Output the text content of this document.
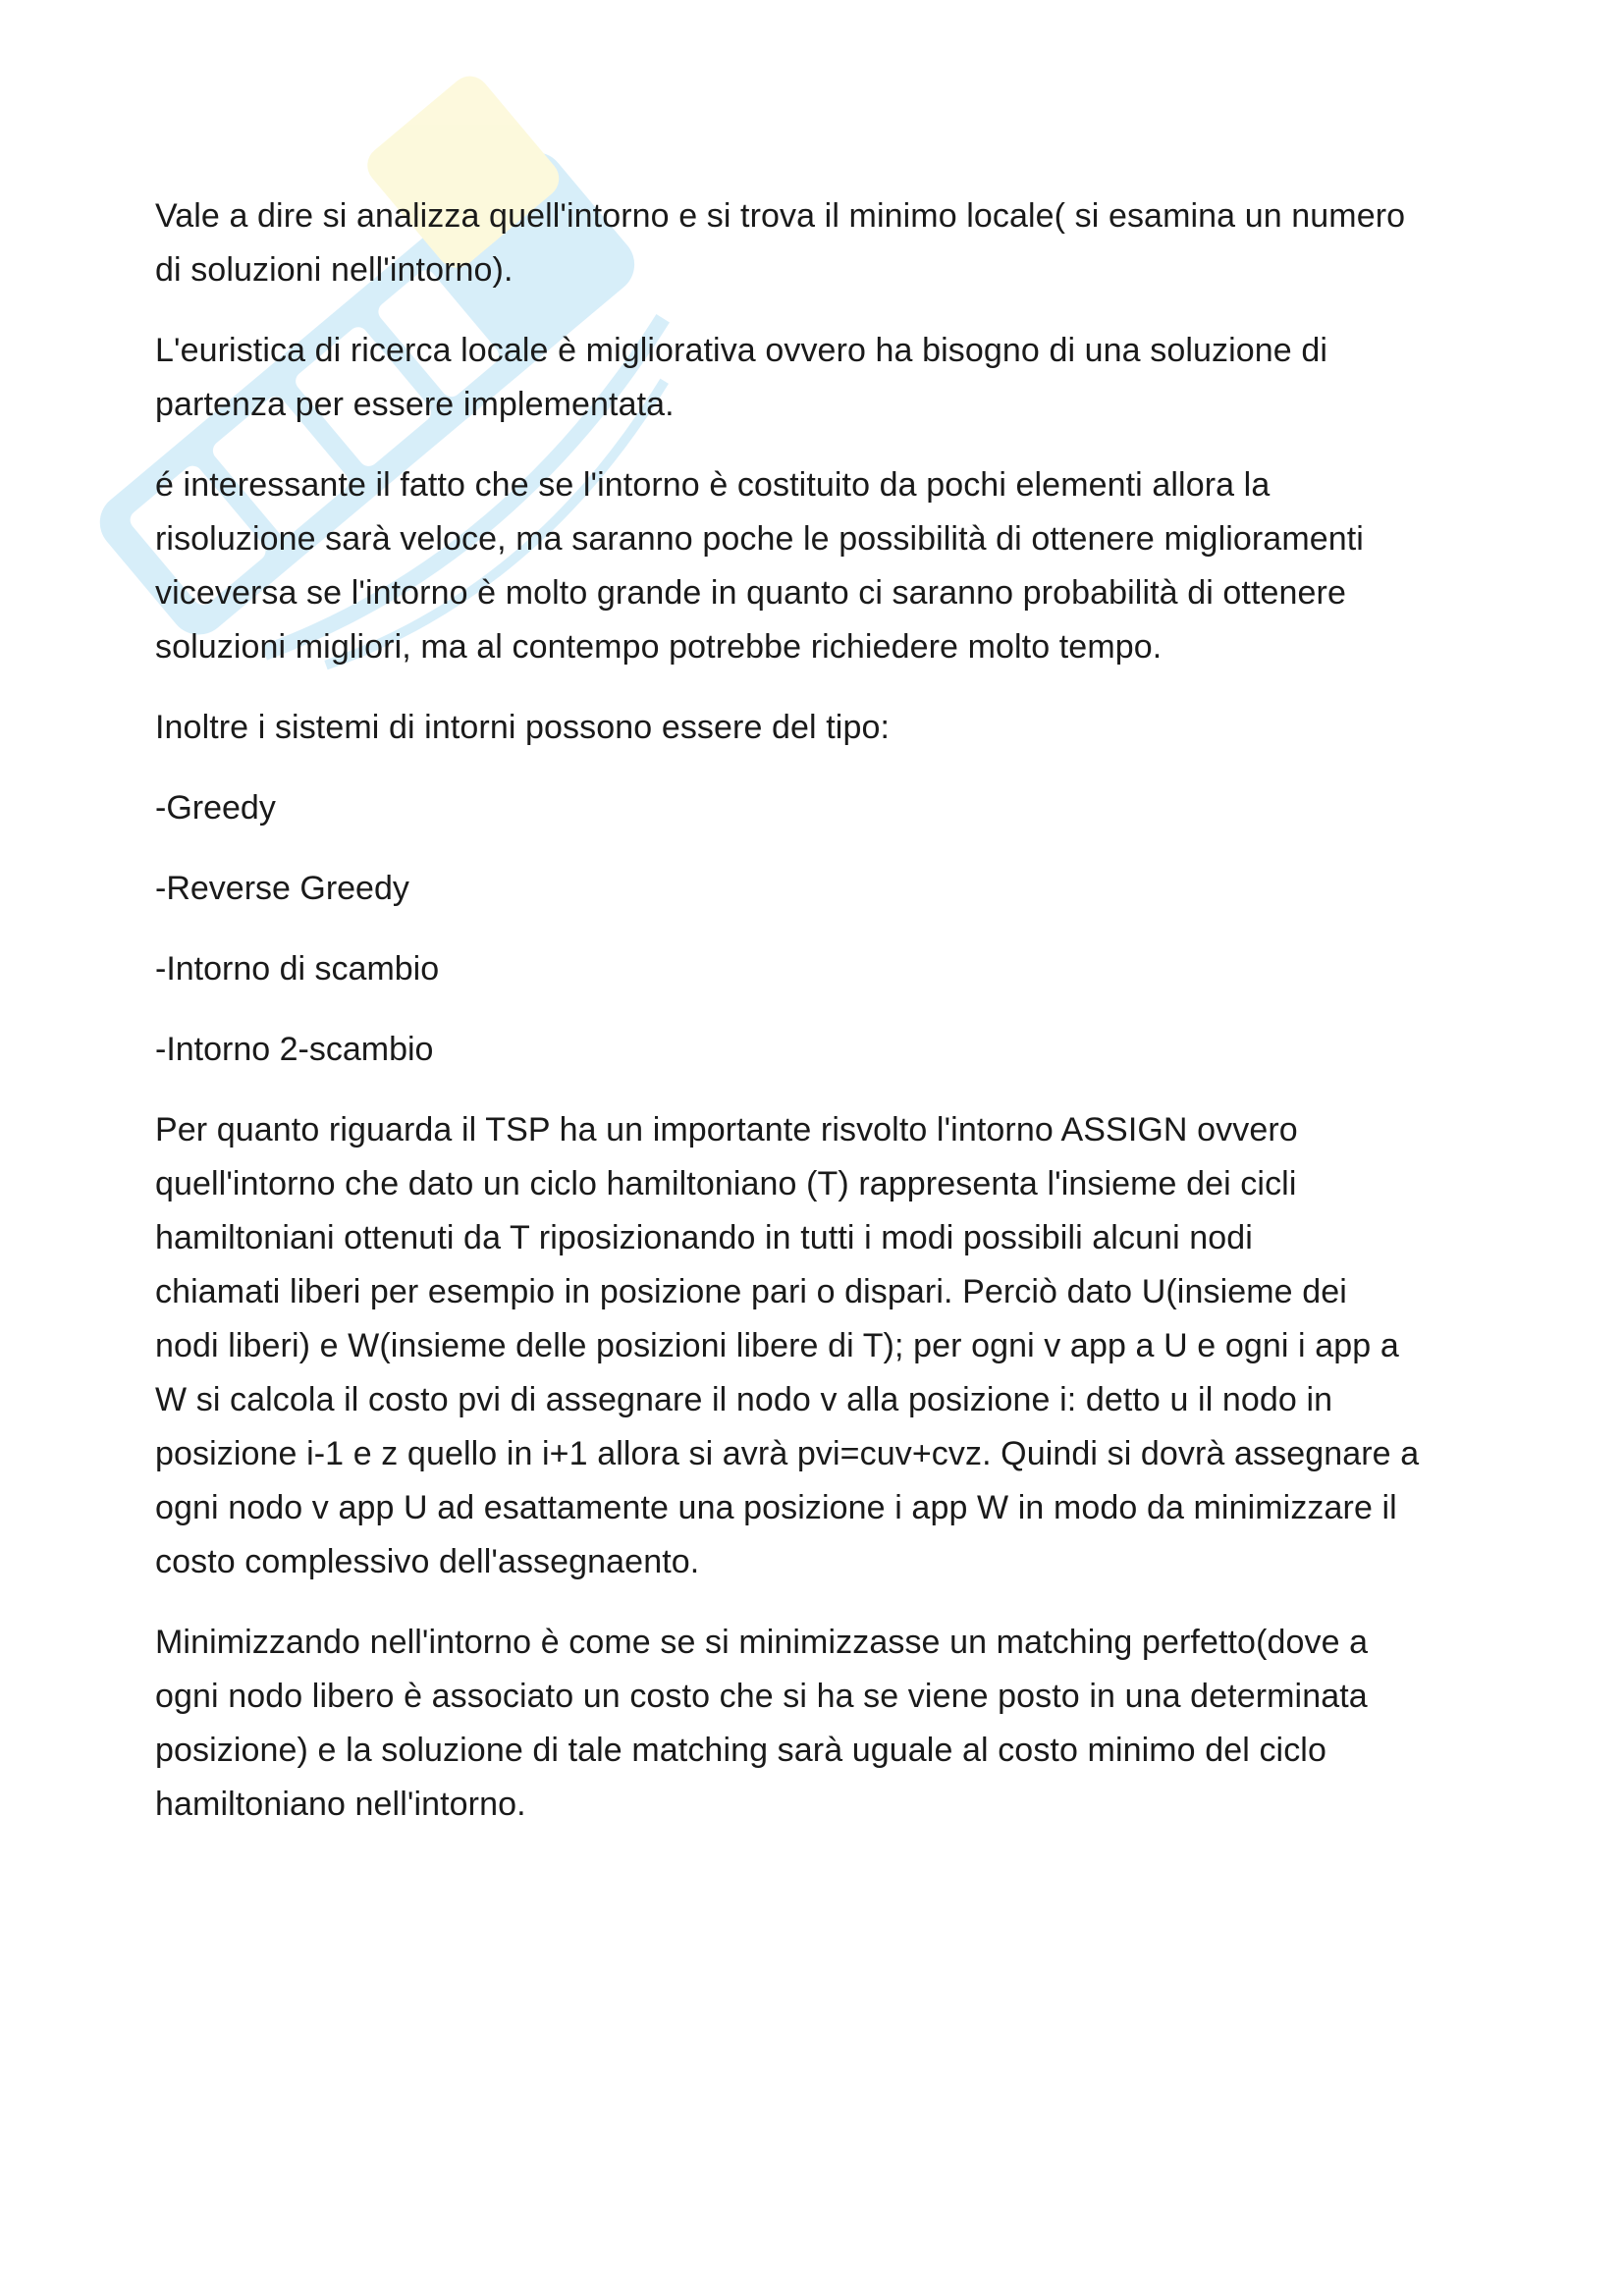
Vale a dire si analizza quell'intorno e si trova il minimo locale( si esamina un numero
di soluzioni nell'intorno).

L'euristica di ricerca locale è migliorativa ovvero ha bisogno di una soluzione di
partenza per essere implementata.

é interessante il fatto che se l'intorno è costituito da pochi elementi allora la
risoluzione sarà veloce, ma saranno poche le possibilità di ottenere miglioramenti
viceversa se l'intorno è molto grande in quanto ci saranno probabilità di ottenere
soluzioni migliori, ma al contempo potrebbe richiedere molto tempo.

Inoltre i sistemi di intorni possono essere del tipo:

-Greedy

-Reverse Greedy

-Intorno di scambio

-Intorno 2-scambio

Per quanto riguarda il TSP ha un importante risvolto l'intorno ASSIGN ovvero
quell'intorno che dato un ciclo hamiltoniano (T) rappresenta l'insieme dei cicli
hamiltoniani ottenuti da T riposizionando in tutti i modi possibili alcuni nodi
chiamati liberi per esempio in posizione pari o dispari. Perciò dato U(insieme dei
nodi liberi) e W(insieme delle posizioni libere di T); per ogni v app a U e ogni i app a
W si calcola il costo pvi di assegnare il nodo v alla posizione i: detto u il nodo in
posizione i-1 e z quello in i+1 allora si avrà pvi=cuv+cvz. Quindi si dovrà assegnare a
ogni nodo v app U ad esattamente una posizione i app W in modo da minimizzare il
costo complessivo dell'assegnaento.

Minimizzando nell'intorno è come se si minimizzasse un matching perfetto(dove a
ogni nodo libero è associato un costo che si ha se viene posto in una determinata
posizione) e la soluzione di tale matching sarà uguale al costo minimo del ciclo
hamiltoniano nell'intorno.
